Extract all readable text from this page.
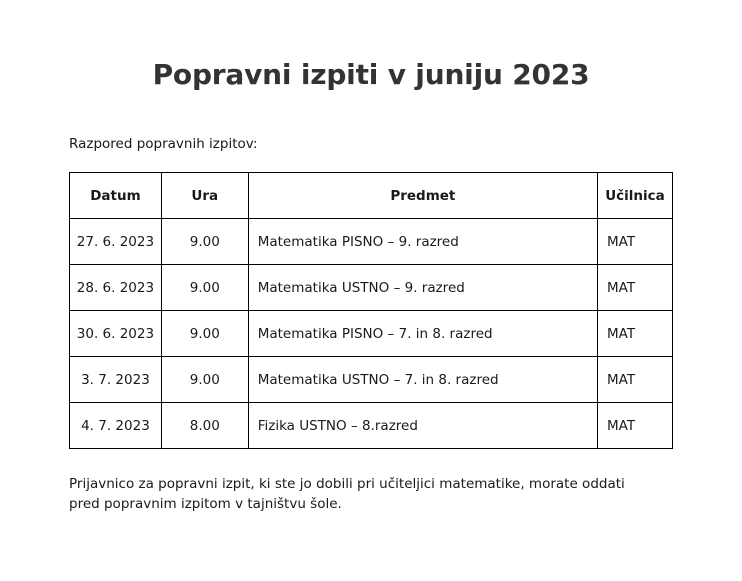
Popravni izpiti v juniju 2023

Razpored popravnih izpitov:

Datum	Ura	Predmet	Učilnica
27. 6. 2023	9.00	Matematika PISNO – 9. razred	MAT
28. 6. 2023	9.00	Matematika USTNO – 9. razred	MAT
30. 6. 2023	9.00	Matematika PISNO – 7. in 8. razred	MAT
3. 7. 2023	9.00	Matematika USTNO – 7. in 8. razred	MAT
4. 7. 2023	8.00	Fizika USTNO – 8.razred	MAT

Prijavnico za popravni izpit, ki ste jo dobili pri učiteljici matematike, morate oddati pred popravnim izpitom v tajništvu šole.
